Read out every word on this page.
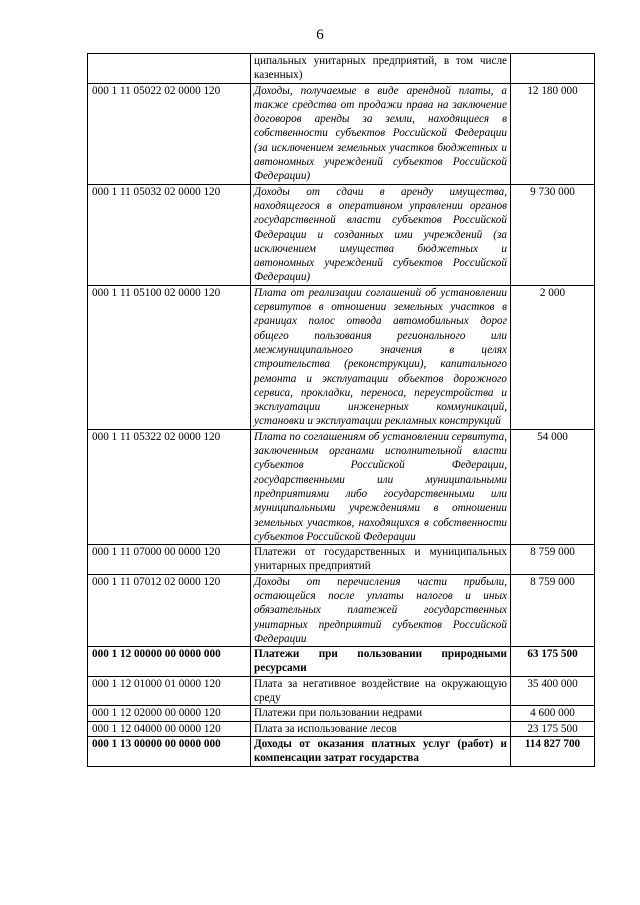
6
	ципальных унитарных предприятий, в том числе казенных)	
000 1 11 05022 02 0000 120	Доходы, получаемые в виде арендной платы, а также средства от продажи права на заключение договоров аренды за земли, находящиеся в собственности субъектов Российской Федерации (за исключением земельных участков бюджетных и автономных учреждений субъектов Российской Федерации)	12 180 000
000 1 11 05032 02 0000 120	Доходы от сдачи в аренду имущества, находящегося в оперативном управлении органов государственной власти субъектов Российской Федерации и созданных ими учреждений (за исключением имущества бюджетных и автономных учреждений субъектов Российской Федерации)	9 730 000
000 1 11 05100 02 0000 120	Плата от реализации соглашений об установлении сервитутов в отношении земельных участков в границах полос отвода автомобильных дорог общего пользования регионального или межмуниципального значения в целях строительства (реконструкции), капитального ремонта и эксплуатации объектов дорожного сервиса, прокладки, переноса, переустройства и эксплуатации инженерных коммуникаций, установки и эксплуатации рекламных конструкций	2 000
000 1 11 05322 02 0000 120	Плата по соглашениям об установлении сервитута, заключенным органами исполнительной власти субъектов Российской Федерации, государственными или муниципальными предприятиями либо государственными или муниципальными учреждениями в отношении земельных участков, находящихся в собственности субъектов Российской Федерации	54 000
000 1 11 07000 00 0000 120	Платежи от государственных и муниципальных унитарных предприятий	8 759 000
000 1 11 07012 02 0000 120	Доходы от перечисления части прибыли, остающейся после уплаты налогов и иных обязательных платежей государственных унитарных предприятий субъектов Российской Федерации	8 759 000
000 1 12 00000 00 0000 000	Платежи при пользовании природными ресурсами	63 175 500
000 1 12 01000 01 0000 120	Плата за негативное воздействие на окружающую среду	35 400 000
000 1 12 02000 00 0000 120	Платежи при пользовании недрами	4 600 000
000 1 12 04000 00 0000 120	Плата за использование лесов	23 175 500
000 1 13 00000 00 0000 000	Доходы от оказания платных услуг (работ) и компенсации затрат государства	114 827 700
